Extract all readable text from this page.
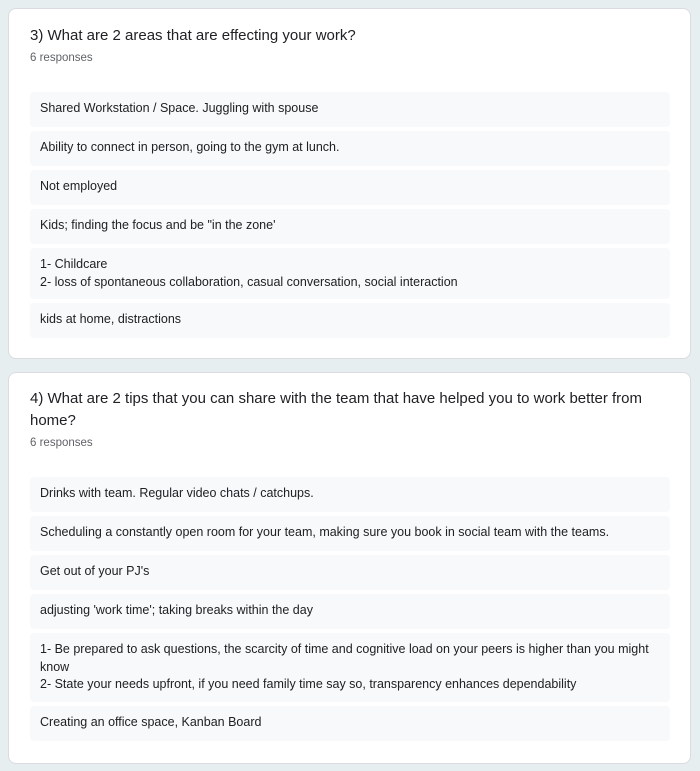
3) What are 2 areas that are effecting your work?

6 responses

Shared Workstation / Space. Juggling with spouse
Ability to connect in person, going to the gym at lunch.
Not employed
Kids; finding the focus and be "in the zone'
1- Childcare
2- loss of spontaneous collaboration, casual conversation, social interaction
kids at home, distractions
4) What are 2 tips that you can share with the team that have helped you to work better from home?

6 responses

Drinks with team. Regular video chats / catchups.
Scheduling a constantly open room for your team, making sure you book in social team with the teams.
Get out of your PJ's
adjusting 'work time'; taking breaks within the day
1- Be prepared to ask questions, the scarcity of time and cognitive load on your peers is higher than you might know
2- State your needs upfront, if you need family time say so, transparency enhances dependability
Creating an office space, Kanban Board
